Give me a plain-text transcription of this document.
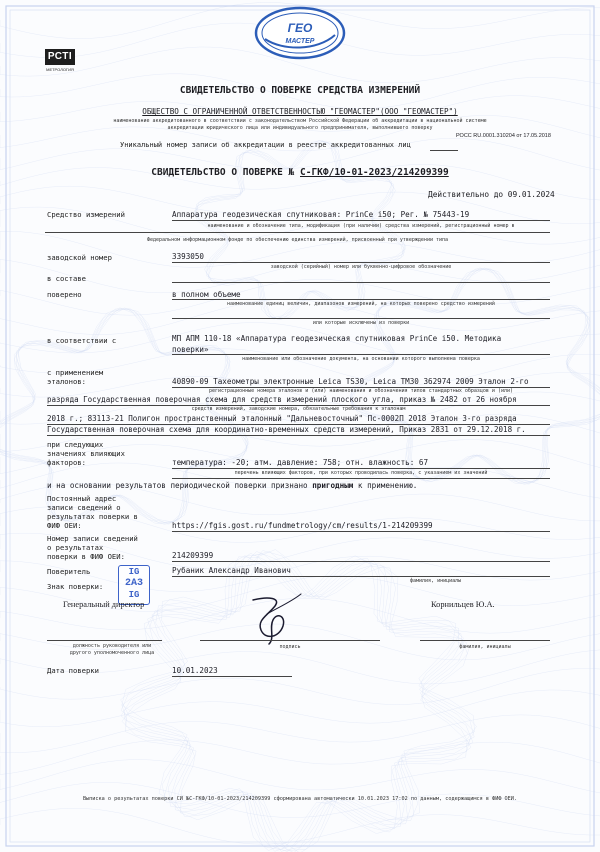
ГЕО
МАСТЕР
РСТI
МЕТРОЛОГИЯ
СВИДЕТЕЛЬСТВО О ПОВЕРКЕ СРЕДСТВА ИЗМЕРЕНИЙ
ОБЩЕСТВО С ОГРАНИЧЕННОЙ ОТВЕТСТВЕННОСТЬЮ "ГЕОМАСТЕР"(ООО "ГЕОМАСТЕР")
наименование аккредитованного в соответствии с законодательством Российской Федерации об аккредитации в национальной системе
аккредитации юридического лица или индивидуального предпринимателя, выполнившего поверку
РОСС RU.0001.310204 от 17.05.2018
Уникальный номер записи об аккредитации в реестре аккредитованных лиц
СВИДЕТЕЛЬСТВО О ПОВЕРКЕ № С-ГКФ/10-01-2023/214209399
Действительно до 09.01.2024
Средство измерений	Аппаратура геодезическая спутниковая: PrinCe i50; Рег. № 75443-19
наименование и обозначение типа, модификация (при наличии) средства измерений, регистрационный номер в
Федеральном информационном фонде по обеспечению единства измерений, присвоенный при утверждении типа
заводской номер	3393050
заводской (серийный) номер или буквенно-цифровое обозначение
в составе
поверено	в полном объеме
наименование единиц величин, диапазонов измерений, на которых поверено средство измерений
или которые исключены из поверки
в соответствии с	МП АПМ 110-18 «Аппаратура геодезическая спутниковая PrinCe i50. Методика
поверки»
наименование или обозначение документа, на основании которого выполнена поверка
с применением
эталонов:	40890-09 Тахеометры электронные Leica TS30, Leica TM30 362974 2009 Эталон 2-го
регистрационные номера эталонов и (или) наименования и обозначения типов стандартных образцов и (или)
разряда Государственная поверочная схема для средств измерений плоского угла, приказ № 2482 от 26 ноября
средств измерений, заводские номера, обязательные требования к эталонам
2018 г.; 83113-21 Полигон пространственный эталонный "Дальневосточный" Пс-0002П 2018 Эталон 3-го разряда
Государственная поверочная схема для координатно-временных средств измерений, Приказ 2831 от 29.12.2018 г.
при следующих
значениях влияющих
факторов:	температура: -20; атм. давление: 758; отн. влажность: 67
перечень влияющих факторов, при которых проводилась поверка, с указанием их значений
и на основании результатов периодической поверки признано пригодным к применению.
Постоянный адрес
записи сведений о
результатах поверки в
ФИФ ОЕИ:	https://fgis.gost.ru/fundmetrology/cm/results/1-214209399
Номер записи сведений
о результатах
поверки в ФИФ ОЕИ:	214209399
Поверитель	Рубаник Александр Иванович
фамилия, инициалы
Знак поверки:
IG
2A3
IG
Генеральный директор	Корнильцев Ю.А.
должность руководителя или
другого уполномоченного лица
подпись	фамилия, инициалы
Дата поверки	10.01.2023
Выписка о результатах поверки СИ №С-ГКФ/10-01-2023/214209399 сформирована автоматически 10.01.2023 17:02 по данным, содержащимся в ФИФ ОЕИ.
